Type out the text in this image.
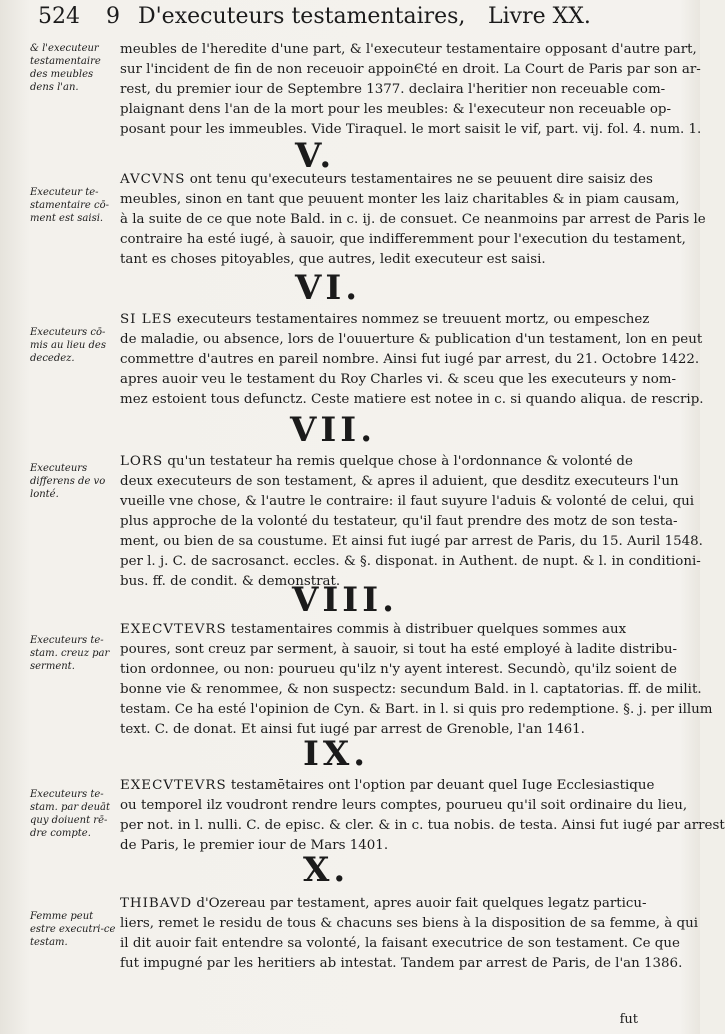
524 9 D'executeurs testamentaires, Livre XX.
& l'executeur testamentaire des meubles dens l'an.
meubles de l'heredite d'une part, & l'executeur testamentaire opposant d'autre part,
sur l'incident de fin de non receuoir appoinЄté en droit. La Court de Paris par son ar-
rest, du premier iour de Septembre 1377. declaira l'heritier non receuable com-
plaignant dens l'an de la mort pour les meubles: & l'executeur non receuable op-
posant pour les immeubles. Vide Tiraquel. le mort saisit le vif, part. vij. fol. 4. num. 1.
V.
Executeur te-stamentaire cō-ment est saisi.
AVCVNS ont tenu qu'executeurs testamentaires ne se peuuent dire saisiz des
meubles, sinon en tant que peuuent monter les laiz charitables & in piam causam,
à la suite de ce que note Bald. in c. ij. de consuet. Ce neanmoins par arrest de Paris le
contraire ha esté iugé, à sauoir, que indifferemment pour l'execution du testament,
tant es choses pitoyables, que autres, ledit executeur est saisi.
VI.
Executeurs cō-mis au lieu des decedez.
SI LES executeurs testamentaires nommez se treuuent mortz, ou empeschez
de maladie, ou absence, lors de l'ouuerture & publication d'un testament, lon en peut
commettre d'autres en pareil nombre. Ainsi fut iugé par arrest, du 21. Octobre 1422.
apres auoir veu le testament du Roy Charles vi. & sceu que les executeurs y nom-
mez estoient tous defunctz. Ceste matiere est notee in c. si quando aliqua. de rescrip.
VII.
Executeurs differens de vo lonté.
LORS qu'un testateur ha remis quelque chose à l'ordonnance & volonté de
deux executeurs de son testament, & apres il aduient, que desditz executeurs l'un
vueille vne chose, & l'autre le contraire: il faut suyure l'aduis & volonté de celui, qui
plus approche de la volonté du testateur, qu'il faut prendre des motz de son testa-
ment, ou bien de sa coustume. Et ainsi fut iugé par arrest de Paris, du 15. Auril 1548.
per l. j. C. de sacrosanct. eccles. & §. disponat. in Authent. de nupt. & l. in conditioni-
bus. ff. de condit. & demonstrat.
VIII.
Executeurs te-stam. creuz par serment.
EXECVTEVRS testamentaires commis à distribuer quelques sommes aux
poures, sont creuz par serment, à sauoir, si tout ha esté employé à ladite distribu-
tion ordonnee, ou non: pourueu qu'ilz n'y ayent interest. Secundò, qu'ilz soient de
bonne vie & renommee, & non suspectz: secundum Bald. in l. captatorias. ff. de milit.
testam. Ce ha esté l'opinion de Cyn. & Bart. in l. si quis pro redemptione. §. j. per illum
text. C. de donat. Et ainsi fut iugé par arrest de Grenoble, l'an 1461.
IX.
Executeurs te-stam. par deuāt quy doiuent rē-dre compte.
EXECVTEVRS testamētaires ont l'option par deuant quel Iuge Ecclesiastique
ou temporel ilz voudront rendre leurs comptes, pourueu qu'il soit ordinaire du lieu,
per not. in l. nulli. C. de episc. & cler. & in c. tua nobis. de testa. Ainsi fut iugé par arrest
de Paris, le premier iour de Mars 1401.
X.
Femme peut estre executri-ce testam.
THIBAVD d'Ozereau par testament, apres auoir fait quelques legatz particu-
liers, remet le residu de tous & chacuns ses biens à la disposition de sa femme, à qui
il dit auoir fait entendre sa volonté, la faisant executrice de son testament. Ce que
fut impugné par les heritiers ab intestat. Tandem par arrest de Paris, de l'an 1386.
fut
